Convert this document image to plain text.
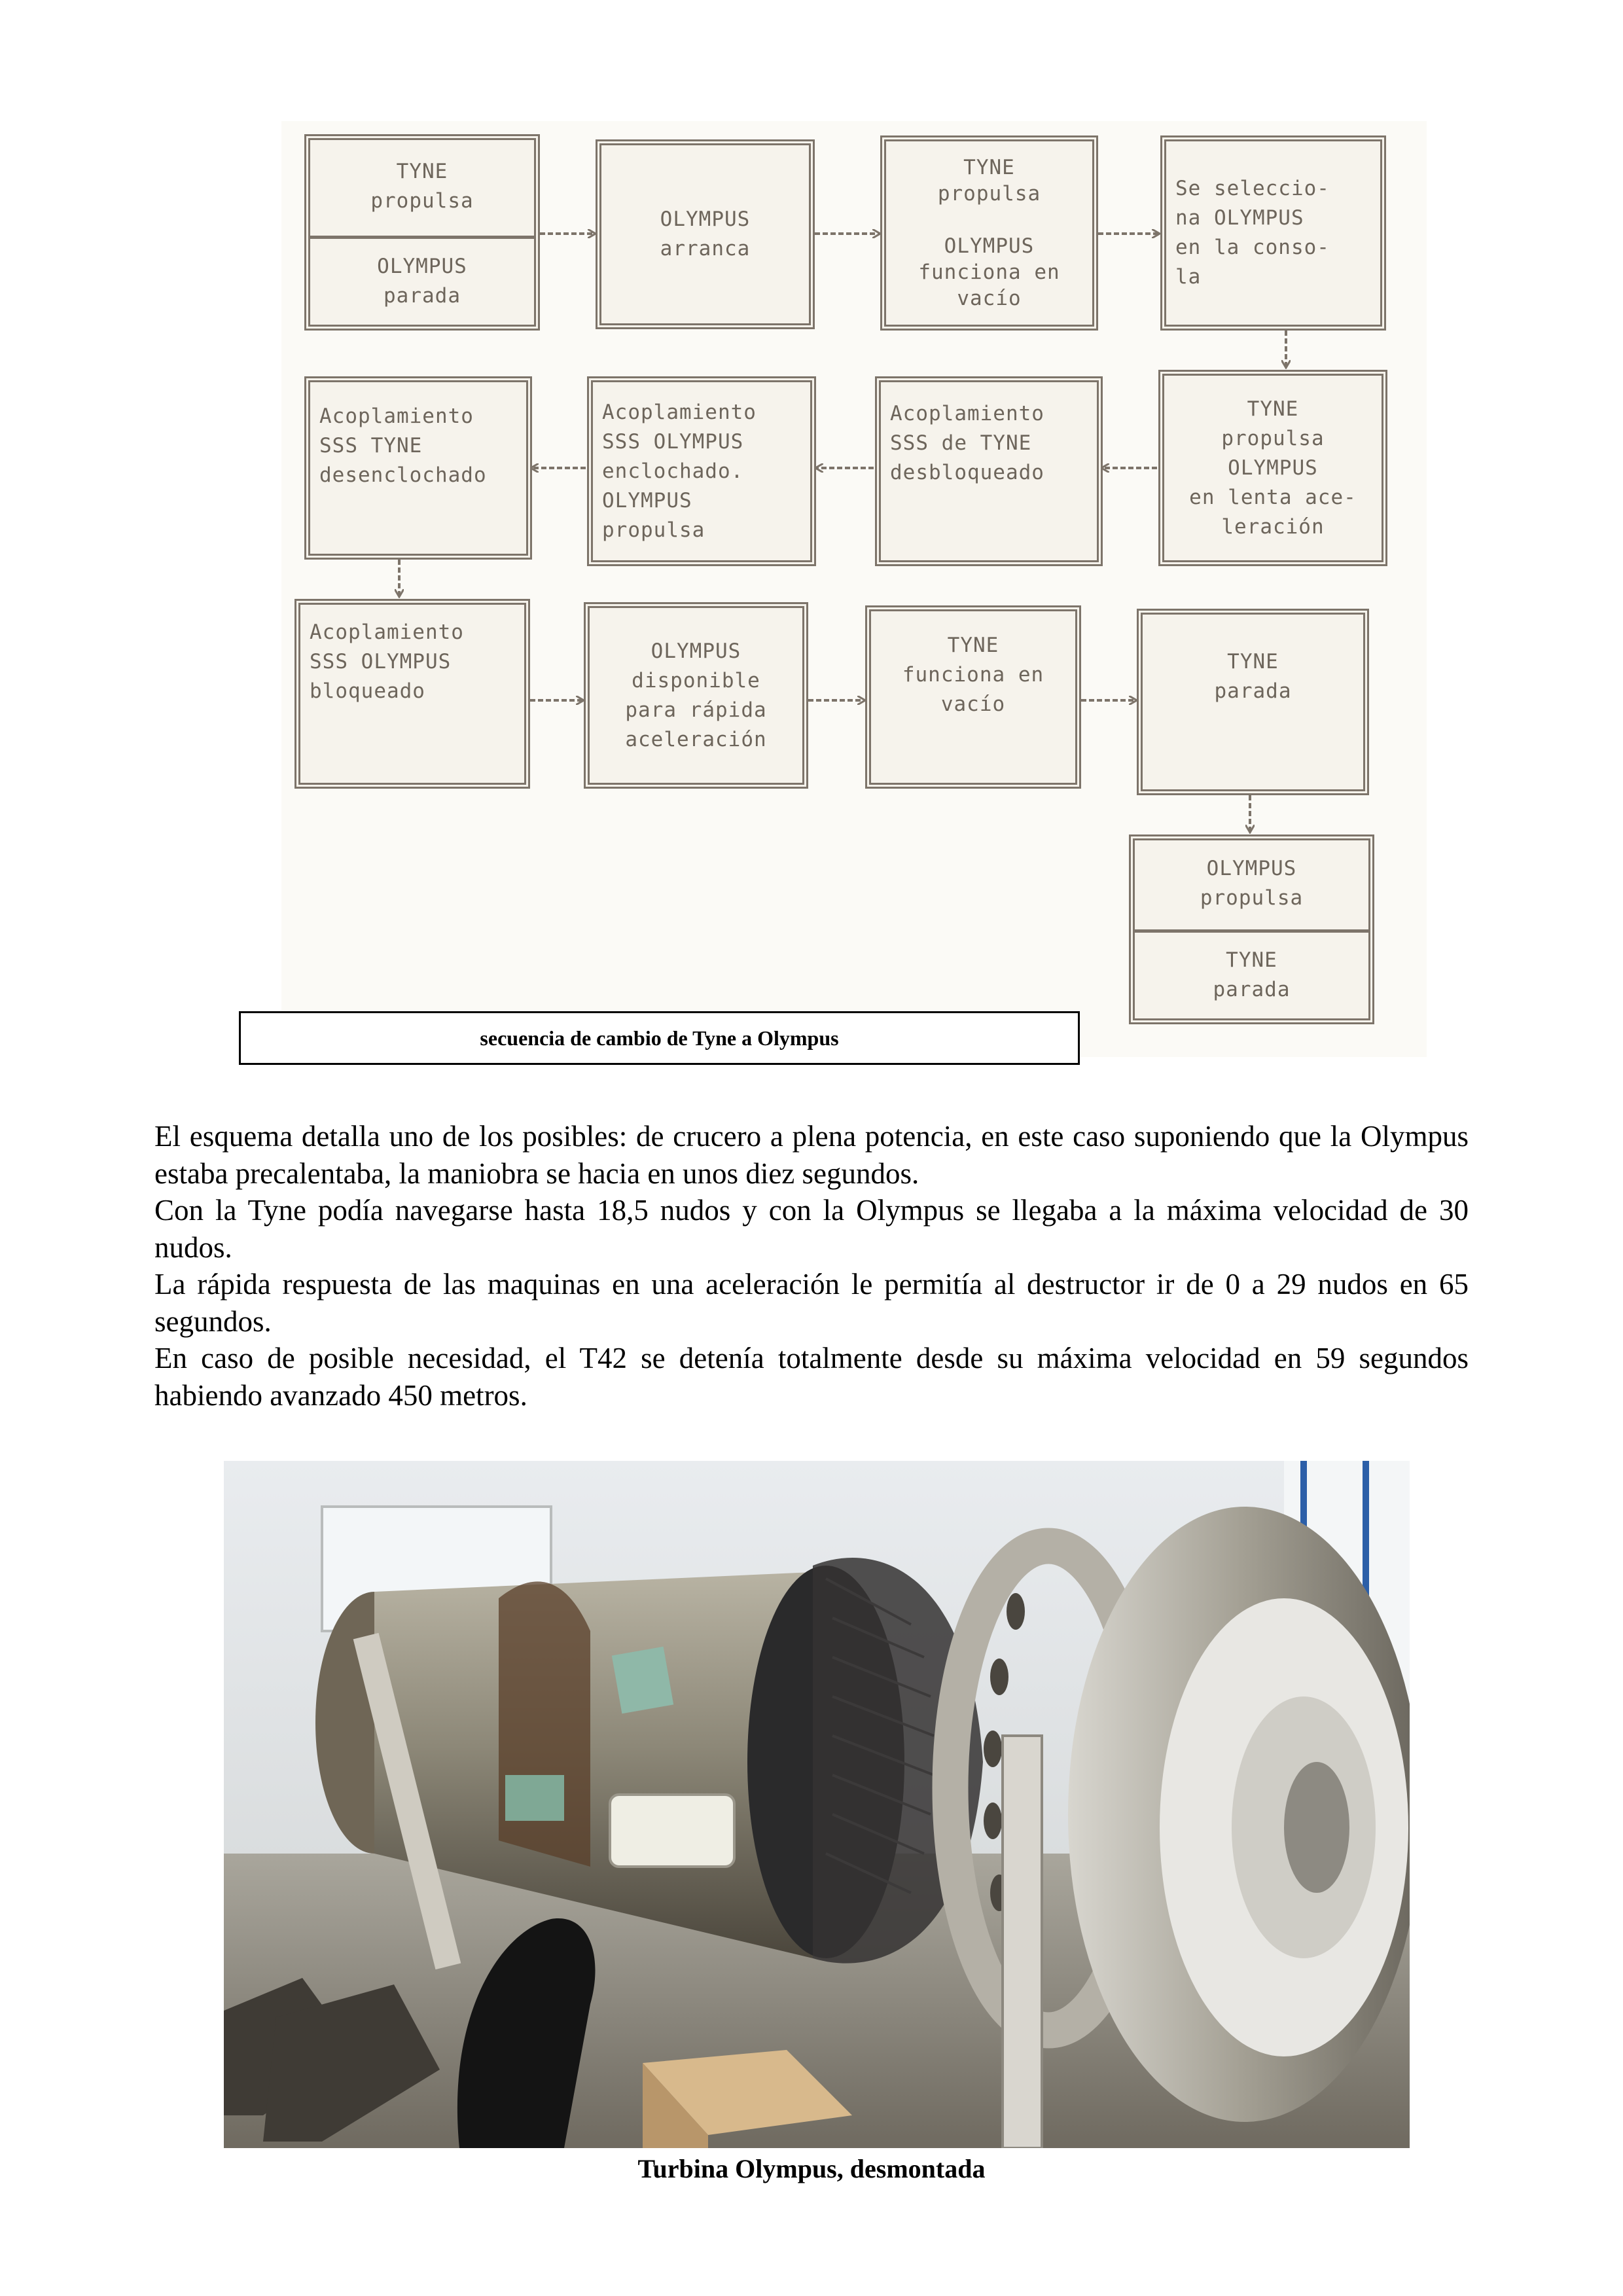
TYNE
propulsa

OLYMPUS
parada

OLYMPUS
arranca

TYNE
propulsa

OLYMPUS
funciona en
vacío

Se seleccio-
na OLYMPUS
en la conso-
la

TYNE
propulsa
OLYMPUS
en lenta ace-
leración

Acoplamiento
SSS de TYNE
desbloqueado

Acoplamiento
SSS OLYMPUS
enclochado.
OLYMPUS
propulsa

Acoplamiento
SSS TYNE
desenclochado

Acoplamiento
SSS OLYMPUS
bloqueado

OLYMPUS
disponible
para rápida
aceleración

TYNE
funciona en
vacío

TYNE
parada

OLYMPUS
propulsa

TYNE
parada

secuencia de cambio de Tyne a Olympus

El esquema detalla uno de los posibles: de crucero a plena potencia, en este caso suponiendo que la Olympus estaba precalentaba, la maniobra se hacia en unos diez segundos.

Con la Tyne podía navegarse hasta 18,5 nudos y con la Olympus se llegaba a la máxima velocidad de 30 nudos.

La rápida respuesta de las maquinas en una aceleración le permitía al destructor ir de 0 a 29 nudos en 65 segundos.

En caso de posible necesidad, el T42 se detenía totalmente desde su máxima velocidad en 59 segundos habiendo avanzado 450 metros.

Turbina Olympus, desmontada
